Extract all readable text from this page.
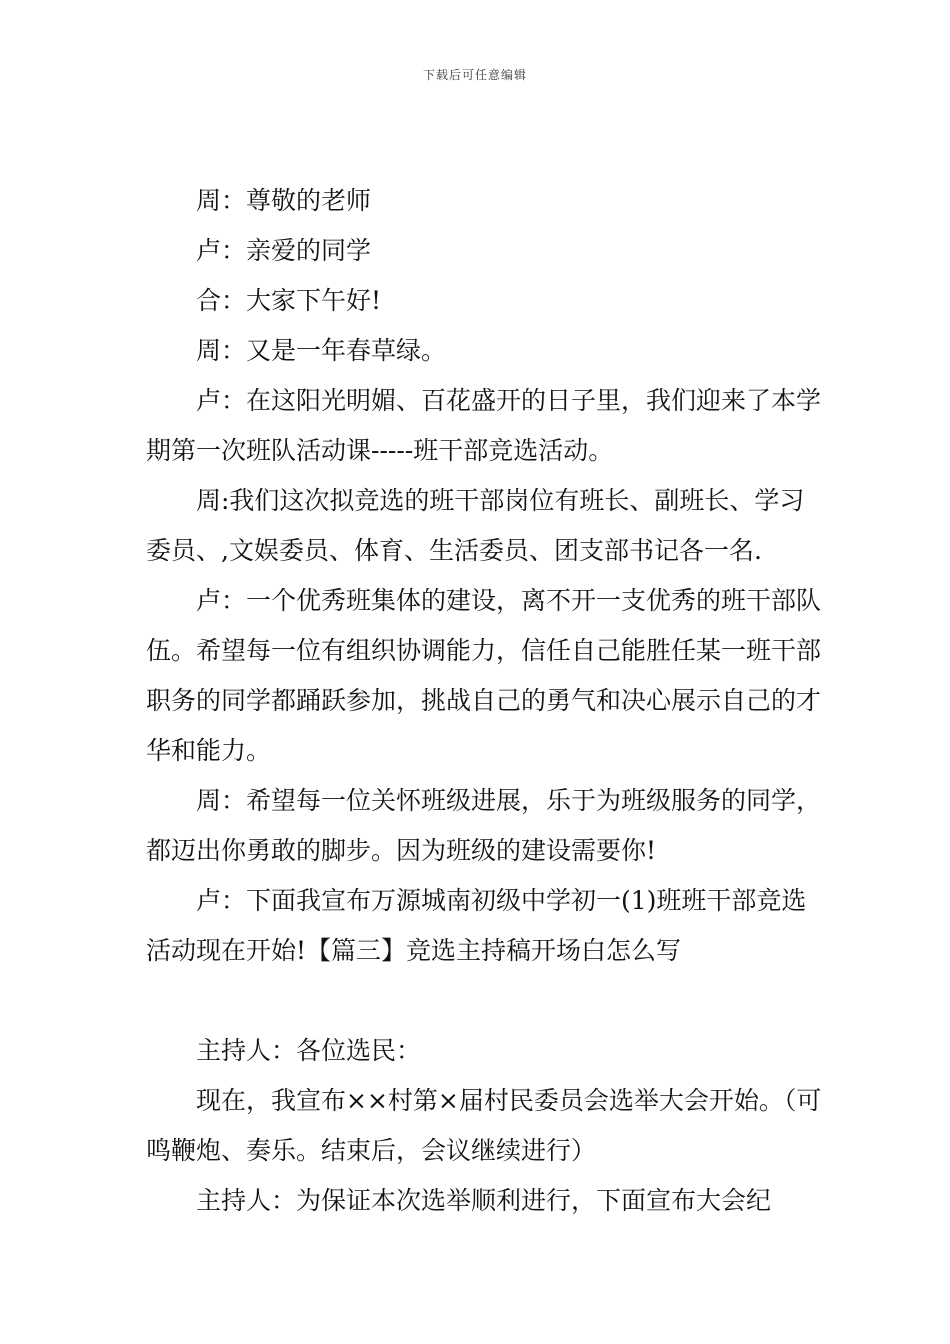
下载后可任意编辑

周：尊敬的老师

卢：亲爱的同学

合：大家下午好!

周：又是一年春草绿。

卢：在这阳光明媚、百花盛开的日子里，我们迎来了本学期第一次班队活动课-----班干部竞选活动。

周:我们这次拟竞选的班干部岗位有班长、副班长、学习委员、,文娱委员、体育、生活委员、团支部书记各一名.

卢：一个优秀班集体的建设，离不开一支优秀的班干部队伍。希望每一位有组织协调能力，信任自己能胜任某一班干部职务的同学都踊跃参加，挑战自己的勇气和决心展示自己的才华和能力。

周：希望每一位关怀班级进展，乐于为班级服务的同学，都迈出你勇敢的脚步。因为班级的建设需要你!

卢：下面我宣布万源城南初级中学初一(1)班班干部竞选活动现在开始!【篇三】竞选主持稿开场白怎么写

主持人：各位选民：

现在，我宣布××村第×届村民委员会选举大会开始。（可鸣鞭炮、奏乐。结束后，会议继续进行）

主持人：为保证本次选举顺利进行，下面宣布大会纪
